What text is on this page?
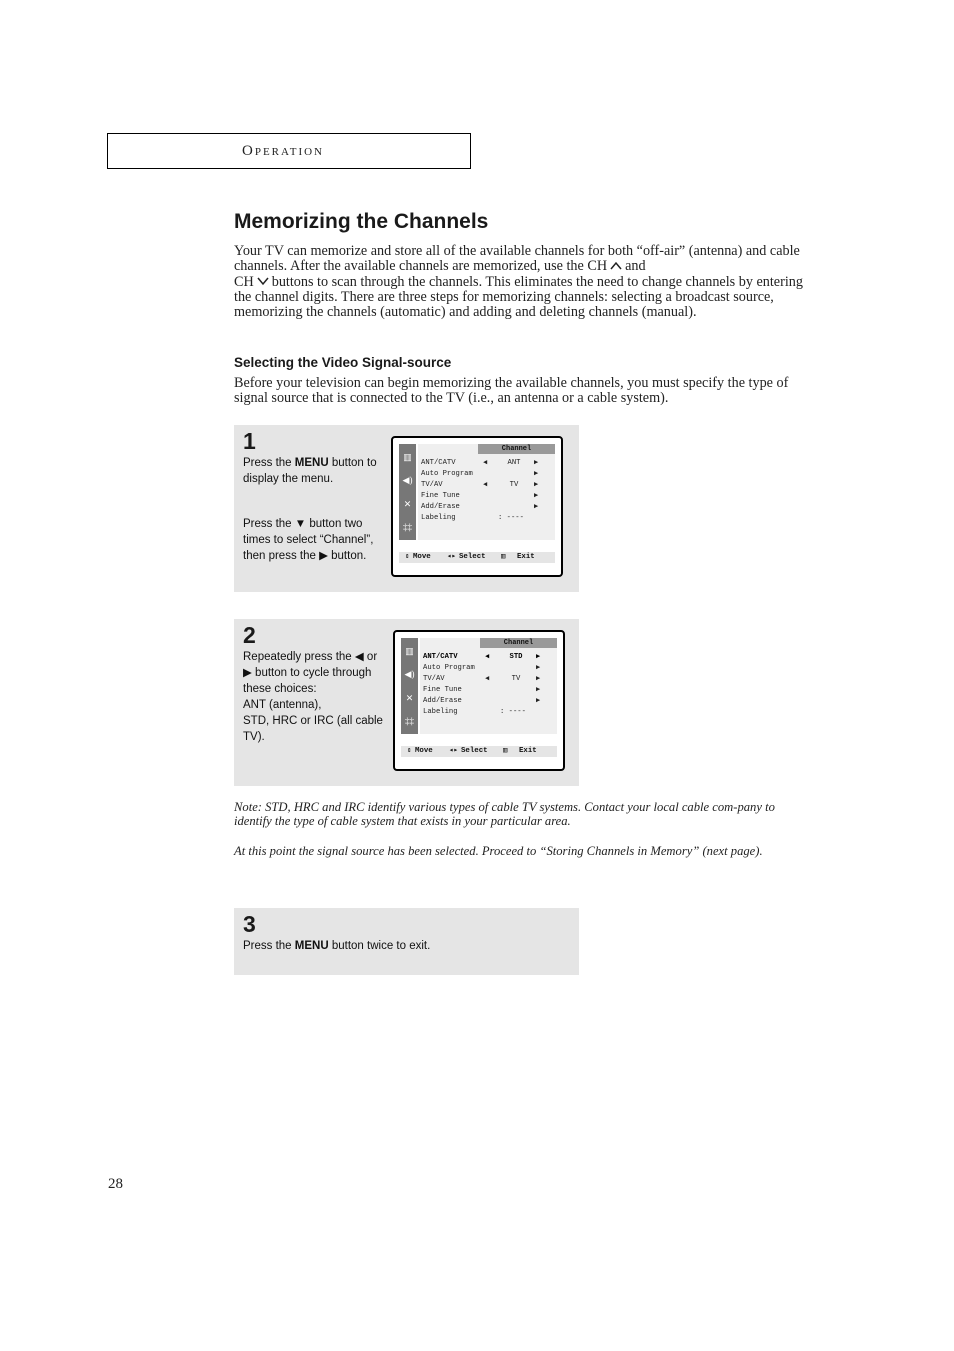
Operation
Memorizing the Channels

Your TV can memorize and store all of the available channels for both “off-air” (antenna) and cable channels. After the available channels are memorized, use the CH and
CH buttons to scan through the channels. This eliminates the need to change channels by entering the channel digits. There are three steps for memorizing channels: selecting a broadcast source, memorizing the channels (automatic) and adding and deleting channels (manual).

Selecting the Video Signal-source

Before your television can begin memorizing the available channels, you must specify the type of signal source that is connected to the TV (i.e., an antenna or a cable system).

1
Press the MENU button to display the menu.
Press the ▼ button two times to select “Channel”, then press the ▶ button.
▥
◀)
✕
‡‡
Channel
ANT/CATV	◀	ANT	▶
Auto Program	▶
TV/AV	◀	TV	▶
Fine Tune	▶
Add/Erase	▶
Labeling	: ----
⇕ Move ◂▸ Select ▥ Exit
2
Repeatedly press the ◀ or
▶ button to cycle through these choices:
ANT (antenna),
STD, HRC or IRC (all cable TV).
▥
◀)
✕
‡‡
Channel
ANT/CATV	◀	STD	▶
Auto Program	▶
TV/AV	◀	TV	▶
Fine Tune	▶
Add/Erase	▶
Labeling	: ----
⇕ Move ◂▸ Select ▥ Exit

Note: STD, HRC and IRC identify various types of cable TV systems. Contact your local cable com-pany to identify the type of cable system that exists in your particular area.

At this point the signal source has been selected. Proceed to “Storing Channels in Memory” (next page).

3
Press the MENU button twice to exit.
28
